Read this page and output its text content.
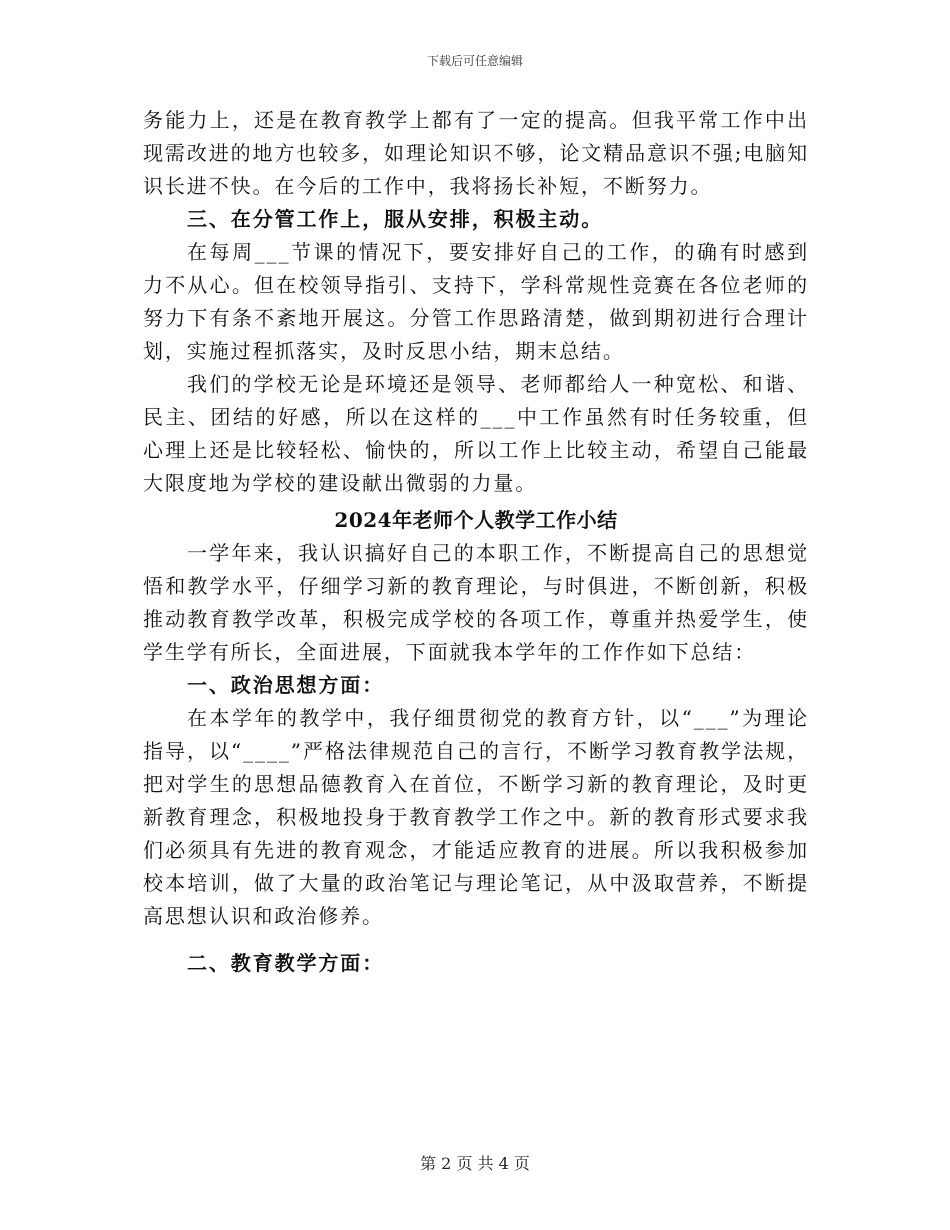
下载后可任意编辑

务能力上，还是在教育教学上都有了一定的提高。但我平常工作中出现需改进的地方也较多，如理论知识不够，论文精品意识不强;电脑知识长进不快。在今后的工作中，我将扬长补短，不断努力。

三、在分管工作上，服从安排，积极主动。

在每周___节课的情况下，要安排好自己的工作，的确有时感到力不从心。但在校领导指引、支持下，学科常规性竞赛在各位老师的努力下有条不紊地开展这。分管工作思路清楚，做到期初进行合理计划，实施过程抓落实，及时反思小结，期末总结。

我们的学校无论是环境还是领导、老师都给人一种宽松、和谐、民主、团结的好感，所以在这样的___中工作虽然有时任务较重，但心理上还是比较轻松、愉快的，所以工作上比较主动，希望自己能最大限度地为学校的建设献出微弱的力量。

2024年老师个人教学工作小结

一学年来，我认识搞好自己的本职工作，不断提高自己的思想觉悟和教学水平，仔细学习新的教育理论，与时俱进，不断创新，积极推动教育教学改革，积极完成学校的各项工作，尊重并热爱学生，使学生学有所长，全面进展，下面就我本学年的工作作如下总结：

一、政治思想方面：

在本学年的教学中，我仔细贯彻党的教育方针，以“___”为理论指导，以“____”严格法律规范自己的言行，不断学习教育教学法规，把对学生的思想品德教育入在首位，不断学习新的教育理论，及时更新教育理念，积极地投身于教育教学工作之中。新的教育形式要求我们必须具有先进的教育观念，才能适应教育的进展。所以我积极参加校本培训，做了大量的政治笔记与理论笔记，从中汲取营养，不断提高思想认识和政治修养。

二、教育教学方面：

第 2 页 共 4 页
